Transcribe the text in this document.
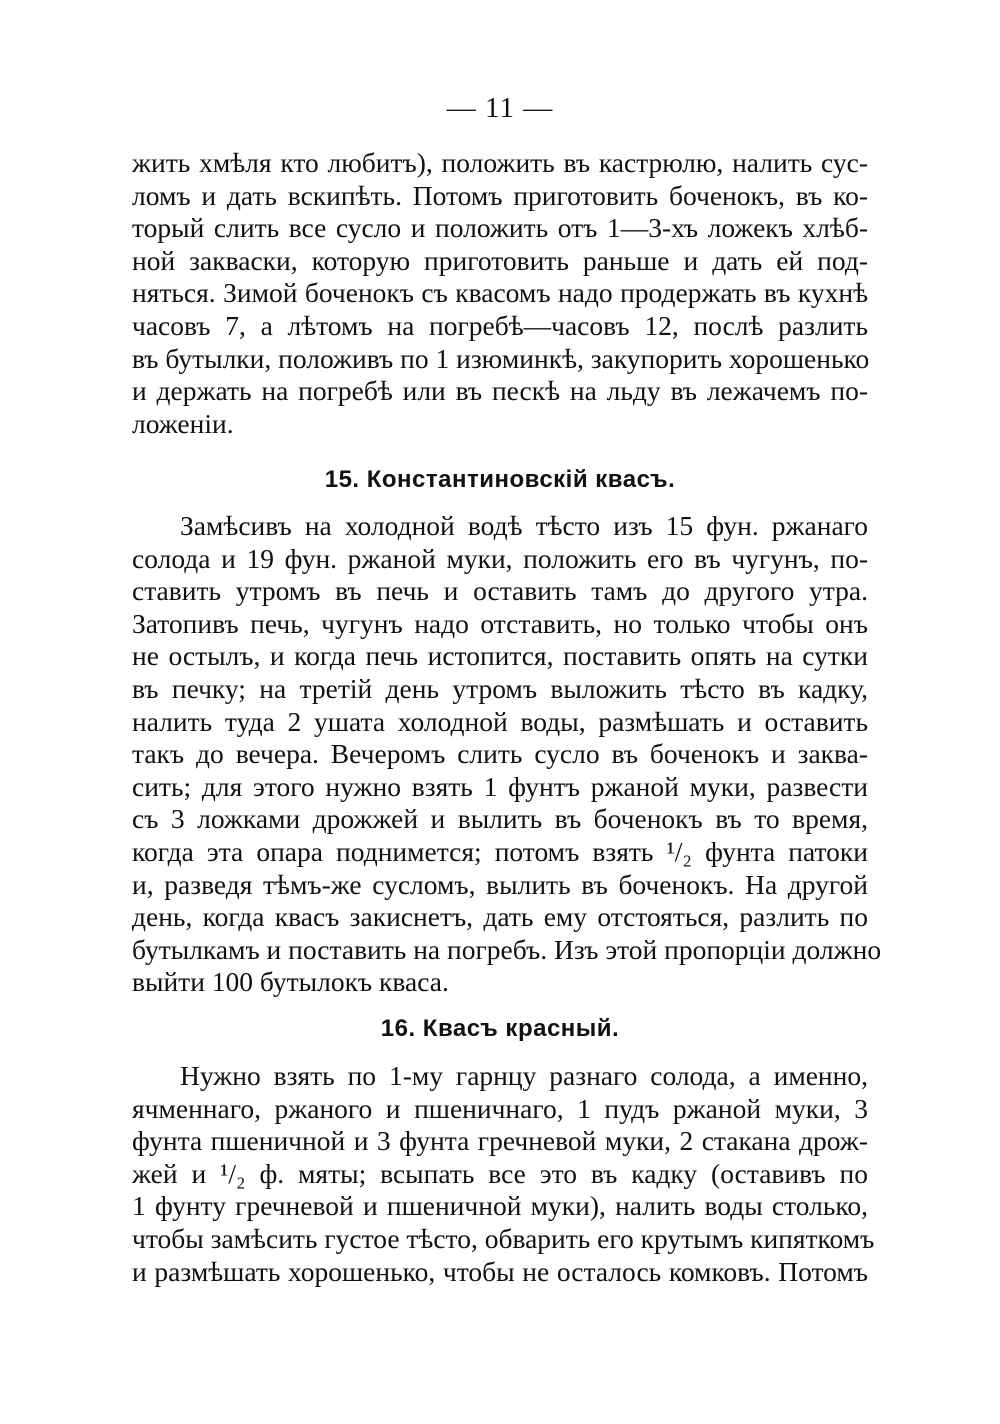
— 11 —
жить хмѣля кто любитъ), положить въ кастрюлю, налить сус-
ломъ и дать вскипѣть. Потомъ приготовить боченокъ, въ ко-
торый слить все сусло и положить отъ 1—3-хъ ложекъ хлѣб-
ной закваски, которую приготовить раньше и дать ей под-
няться. Зимой боченокъ съ квасомъ надо продержать въ кухнѣ
часовъ 7, а лѣтомъ на погребѣ—часовъ 12, послѣ разлить
въ бутылки, положивъ по 1 изюминкѣ, закупорить хорошенько
и держать на погребѣ или въ пескѣ на льду въ лежачемъ по-
ложеніи.
15. Константиновскій квасъ.
Замѣсивъ на холодной водѣ тѣсто изъ 15 фун. ржанаго
солода и 19 фун. ржаной муки, положить его въ чугунъ, по-
ставить утромъ въ печь и оставить тамъ до другого утра.
Затопивъ печь, чугунъ надо отставить, но только чтобы онъ
не остылъ, и когда печь истопится, поставить опять на сутки
въ печку; на третій день утромъ выложить тѣсто въ кадку,
налить туда 2 ушата холодной воды, размѣшать и оставить
такъ до вечера. Вечеромъ слить сусло въ боченокъ и заква-
сить; для этого нужно взять 1 фунтъ ржаной муки, развести
съ 3 ложками дрожжей и вылить въ боченокъ въ то время,
когда эта опара поднимется; потомъ взять ¹/₂ фунта патоки
и, разведя тѣмъ-же сусломъ, вылить въ боченокъ. На другой
день, когда квасъ закиснетъ, дать ему отстояться, разлить по
бутылкамъ и поставить на погребъ. Изъ этой пропорціи должно
выйти 100 бутылокъ кваса.
16. Квасъ красный.
Нужно взять по 1-му гарнцу разнаго солода, а именно,
ячменнаго, ржаного и пшеничнаго, 1 пудъ ржаной муки, 3
фунта пшеничной и 3 фунта гречневой муки, 2 стакана дрож-
жей и ¹/₂ ф. мяты; всыпать все это въ кадку (оставивъ по
1 фунту гречневой и пшеничной муки), налить воды столько,
чтобы замѣсить густое тѣсто, обварить его крутымъ кипяткомъ
и размѣшать хорошенько, чтобы не осталось комковъ. Потомъ
